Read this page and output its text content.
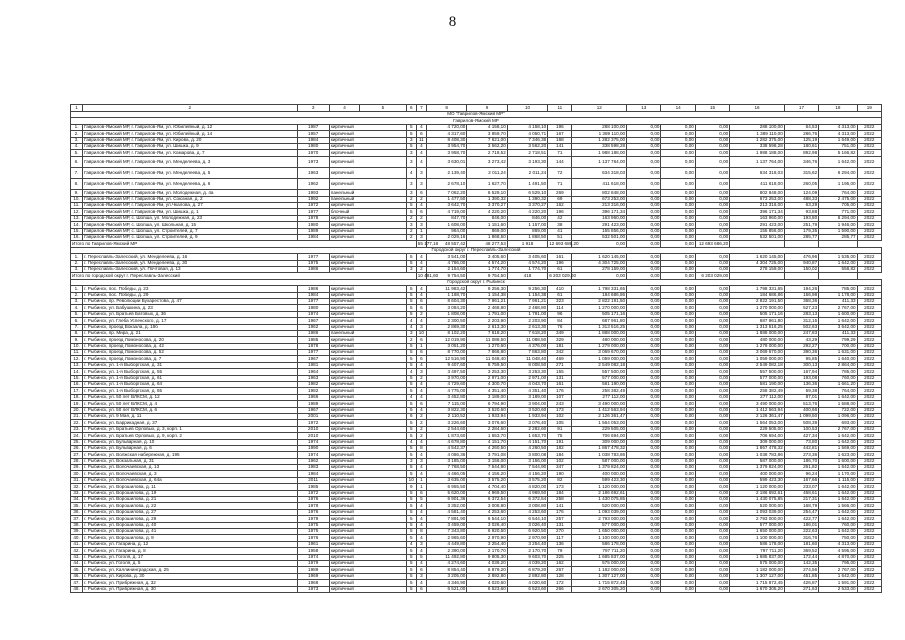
8
1	2	3	4	5	6	7	8	9	10	11	12	13	14	15	16	17	18	19
МО "Гаврилов-Ямский МР"																		
Гаврилов-Ямский МР																		
1.	Гаврилов-Ямский МР, г. Гаврилов-Ям, ул. Юбилейный, д. 12	1987	кирпичный		5	4	4 720,00	4 158,10	4 158,10	196	288 100,00	0,00	0,00	0,00	288 100,00	64,53	4 313,00	2022
2.	Гаврилов-Ямский МР, г. Гаврилов-Ям, ул. Юбилейный, д. 14	1957	кирпичный		5	6	4 317,60	3 859,70	4 050,71	167	1 389 110,00	0,00	0,00	0,00	1 389 110,00	286,76	4 313,00	2022
3.	Гаврилов-Ямский МР, г. Гаврилов-Ям, ул. Кирова, д. 20	1984	кирпичный		3	11	8 408,30	7 621,00	7 346,36	168	1 282 375,00	0,00	0,00	0,00	1 282 375,00	125,19	1 649,00	2022
4.	Гаврилов-Ямский МР, г. Гаврилов-Ям, ул. Шишка, д. 9	1980	кирпичный		5	4	3 954,70	3 562,20	3 562,20	141	338 598,28	0,00	0,00	0,00	338 598,28	180,61	751,00	2022
5.	Гаврилов-Ямский МР, г. Гаврилов-Ям, ул. Комарова, д. 7	1970	кирпичный		3	4	3 958,70	2 718,52	2 718,51	71	1 988 188,00	0,00	0,00	0,00	1 988 188,00	892,98	5 166,82	2022
6.	Гаврилов-Ямский МР, г. Гаврилов-Ям, ул. Менделеева, д. 3	1973	кирпичный		3	4	3 630,01	3 273,42	3 193,30	144	1 137 764,00	0,00	0,00	0,00	1 137 764,00	346,76	1 642,00	2022
7.	Гаврилов-Ямский МР, г. Гаврилов-Ям, ул. Менделеева, д. 5	1963	кирпичный		4	3	2 139,40	2 011,24	2 011,24	72	634 318,03	0,00	0,00	0,00	634 318,03	315,62	6 294,00	2022
8.	Гаврилов-Ямский МР, г. Гаврилов-Ям, ул. Менделеева, д. 6	1962	кирпичный		3	3	2 678,10	1 627,70	1 491,50	71	411 618,00	0,00	0,00	0,00	411 618,00	260,05	1 195,00	2022
9.	Гаврилов-Ямский МР, г. Гаврилов-Ям, ул. Молодежная, д. 4а	1993	панельный		3	6	7 062,20	6 529,10	6 529,10	269	802 848,00	0,00	0,00	0,00	802 848,00	124,09	764,00	2022
10.	Гаврилов-Ямский МР, г. Гаврилов-Ям, ул. Союзная, д. 2	1992	панельный		2	2	1 477,50	1 390,32	1 390,32	69	673 253,00	0,00	0,00	0,00	673 253,00	488,33	2 475,00	2022
11.	Гаврилов-Ямский МР, г. Гаврилов-Ям, ул.Чкалова, д. 27	1972	кирпичный		5	4	3 642,70	3 370,27	3 370,27	162	213 316,00	0,00	0,00	0,00	213 316,00	63,29	705,00	2022
12.	Гаврилов-Ямский МР, г. Гаврилов-Ям, ул. Шишка, д. 1	1977	блочный		5	6	4 719,00	4 220,20	4 220,20	196	396 171,34	0,00	0,00	0,00	396 171,34	93,88	771,00	2022
13.	Гаврилов-Ямский МР, с. Шопша, ул. Молодежная, д. 23	1978	кирпичный		2	2	847,70	846,00	846,00	42	163 960,00	0,00	0,00	0,00	163 960,00	193,80	6 294,00	2022
14.	Гаврилов-Ямский МР, с. Шопша, ул. Школьная, д. 15	1980	кирпичный		3	3	1 608,00	1 151,60	1 157,00	38	291 423,00	0,00	0,00	0,00	291 423,00	251,79	1 946,00	2022
15.	Гаврилов-Ямский МР, с. Шопша, ул. Строителей, д. 7	1989	кирпичный		2	1	984,00	869,00	869,00	41	155 856,00	0,00	0,00	0,00	155 856,00	179,35	1 590,00	2022
16.	Гаврилов-Ямский МР, с. Шопша, ул. Строителей, д. 9	1984	кирпичный		2	3	2 029,16	1 868,50	1 868,50	51	532 501,00	0,00	0,00	0,00	532 501,00	285,77	285,77	2022
Итого по Гаврилов-Ямский МР						55 177,18	48 557,42	48 277,53	1 918	12 693 686,20	0,00	0,00	0,00	12 693 686,20				
Городской округ г. Переславль-Залесский																		
1.	г. Переславль-Залесский, ул. Менделеева, д. 16	1977	кирпичный		5	4	3 541,00	3 405,60	3 405,60	161	1 620 145,00	0,00	0,00	0,00	1 620 145,00	476,96	1 535,00	2022
2.	г. Переславль-Залесский, ул. Менделеева, д. 30	1975	кирпичный		5	4	4 786,00	4 574,20	4 574,20	196	4 304 725,00	0,00	0,00	0,00	4 304 725,00	940,87	1 642,00	2022
3.	г. Переславль-Залесский, ул. Почтовая, д. 13	1986	кирпичный		3	2	2 154,60	1 774,70	1 774,70	61	278 159,00	0,00	0,00	0,00	278 159,00	150,02	558,82	2022
Итого по городской округ г. Переславль-Залесский						10 481,60	9 754,50	9 754,50	418	6 203 029,00	0,00	0,00	0,00	6 203 029,00				
Городской округ г. Рыбинск																		
1.	г. Рыбинск, пос. Победы, д. 23	1986	кирпичный		5	4	11 983,42	9 256,30	9 256,30	410	1 798 331,65	0,00	0,00	0,00	1 798 331,65	194,26	785,00	2022
2.	г. Рыбинск, пос. Победы, д. 29	1984	кирпичный		5	4	1 168,70	1 154,38	1 154,38	61	184 686,86	0,00	0,00	0,00	184 686,86	156,98	1 178,00	2022
3.	г. Рыбинск, пр. Революции Бухарестова, д. 47	1977	кирпичный		5	6	8 604,30	7 961,21	7 961,21	323	2 822 191,50	0,00	0,00	0,00	2 822 191,50	368,36	411,33	2022
4.	г. Рыбинск, ул. Бабушкина, д. 23	1980	кирпичный		5	6	3 084,20	2 468,80	2 468,80	114	1 270 000,00	0,00	0,00	0,00	1 270 000,00	527,23	2 767,00	2022
5.	г. Рыбинск, ул. Братьев Батовых, д. 36	1974	кирпичный		5	2	1 808,00	1 791,00	1 791,00	96	505 171,16	0,00	0,00	0,00	505 171,16	283,13	1 600,00	2022
6.	г. Рыбинск, ул. Глеба Успенского, д. 17	1967	кирпичный		4	4	2 300,50	2 203,90	2 203,90	84	687 961,80	0,00	0,00	0,00	687 961,80	312,15	1 642,00	2022
7.	г. Рыбинск, проезд Вокзала, д. 18б	1962	кирпичный		4	3	2 869,30	2 613,30	2 613,30	76	1 313 516,25	0,00	0,00	0,00	1 313 516,25	502,63	3 642,00	2022
8.	г. Рыбинск, пр. Мира, д. 21	1986	панельный		3	10	8 102,20	7 618,20	7 618,20	349	1 888 000,00	0,00	0,00	0,00	1 888 000,00	247,83	411,33	2022
9.	г. Рыбинск, проезд Ломоносова, д. 20	1985	кирпичный		2	6	12 019,90	11 088,50	11 088,50	329	480 000,00	0,00	0,00	0,00	480 000,00	43,29	799,29	2022
10.	г. Рыбинск, проезд Ломоносова, д. 42	1978	кирпичный		5	1	3 051,20	1 270,60	4 376,00	181	1 279 000,00	0,00	0,00	0,00	1 279 000,00	292,27	700,00	2022
11.	г. Рыбинск, проезд Ломоносова, д. 52	1977	кирпичный		5	6	8 770,00	7 866,80	7 863,80	342	3 069 670,00	0,00	0,00	0,00	3 069 670,00	390,36	1 631,00	2022
12.	г. Рыбинск, проезд Ломоносова, д. 7	1967	кирпичный		5	6	12 516,90	11 048,40	11 048,40	469	1 059 000,00	0,00	0,00	0,00	1 059 000,00	95,85	1 640,00	2022
13.	г. Рыбинск, ул. 1-я Выборгская, д. 31	1981	кирпичный		5	4	9 407,60	8 759,50	8 008,50	271	2 549 082,18	0,00	0,00	0,00	2 549 082,18	300,13	2 864,00	2022
14.	г. Рыбинск, ул. 1-я Выборгская, д. 55	1964	кирпичный		4	3	3 497,50	3 253,30	3 253,30	155	557 500,00	0,00	0,00	0,00	557 500,00	167,94	785,00	2022
15.	г. Рыбинск, ул. 1-я Выборгская, д. 61	1963	кирпичный		5	2	3 970,00	2 971,00	2 971,00	131	577 000,00	0,00	0,00	0,00	577 000,00	193,08	760,00	2022
16.	г. Рыбинск, ул. 1-я Выборгская, д. 64	1982	кирпичный		5	4	4 729,60	4 300,70	4 043,70	161	581 190,00	0,00	0,00	0,00	581 190,00	136,36	1 661,20	2022
17.	г. Рыбинск, ул. 1-я Выборгская, д. 65	1982	кирпичный		5	4	4 775,00	4 351,40	4 351,40	176	258 382,49	0,00	0,00	0,00	258 382,49	59,38	764,00	2022
18.	г. Рыбинск, ул. 50 лет ВЛКСМ, д. 12	1966	кирпичный		4	4	3 452,80	3 189,00	3 189,00	107	277 112,00	0,00	0,00	0,00	277 112,00	87,01	1 642,00	2022
19.	г. Рыбинск, ул. 50 лет ВЛКСМ, д. 4	1989	кирпичный		5	6	7 115,00	6 794,90	3 904,00	243	3 490 000,00	0,00	0,00	0,00	3 490 000,00	513,76	1 588,00	2022
20.	г. Рыбинск, ул. 50 лет ВЛКСМ, д. 6	1967	кирпичный		5	4	3 822,30	3 520,60	3 520,60	173	1 412 563,94	0,00	0,00	0,00	1 412 563,94	400,66	722,00	2022
21.	г. Рыбинск, ул. 9 Мая, д. 11	2001	кирпичный		6	2	2 110,52	1 933,94	1 933,94	102	2 126 361,47	0,00	0,00	0,00	2 126 361,47	1 099,50	1 096,00	2022
22.	г. Рыбинск, ул. Баррикадная, д. 37	1972	кирпичный		5	2	3 226,60	3 076,60	3 076,40	105	1 564 053,00	0,00	0,00	0,00	1 564 053,00	508,39	693,00	2022
23.	г. Рыбинск, ул. Братьев Орловых, д. 3, корп. 1	2010	кирпичный		5	2	2 544,60	2 284,60	2 282,60	91	229 505,00	0,00	0,00	0,00	229 505,00	100,53	2 767,00	2022
24.	г. Рыбинск, ул. Братьев Орловых, д. 9, корп. 2	2010	кирпичный		5	2	1 873,60	1 653,70	1 653,70	75	706 694,00	0,00	0,00	0,00	706 694,00	427,34	1 642,00	2022
25.	г. Рыбинск, ул. Бульварная, д. 10	1974	кирпичный		4	4	4 678,80	4 151,70	4 151,70	191	309 000,00	0,00	0,00	0,00	309 000,00	73,80	1 642,00	2022
26.	г. Рыбинск, ул. Бульварная, д. 6	1990	кирпичный		5	8	4 542,37	4 260,50	4 260,50	182	1 867 478,32	0,00	0,00	0,00	1 867 478,32	442,81	1 569,00	2022
27.	г. Рыбинск, ул. Волжская набережная, д. 195	1974	кирпичный		5	4	4 086,36	3 791,08	3 800,08	184	1 038 783,86	0,00	0,00	0,00	1 038 783,86	273,36	1 623,00	2022
28.	г. Рыбинск, ул. Вокзальная, д. 31	1962	кирпичный		3	3	3 185,00	3 156,00	3 156,00	102	587 000,00	0,00	0,00	0,00	587 000,00	186,70	1 600,00	2022
29.	г. Рыбинск, ул. Волочаевская, д. 13	1983	кирпичный		5	4	7 768,50	7 544,90	7 544,90	347	1 379 824,00	0,00	0,00	0,00	1 379 824,00	261,82	1 642,00	2022
30.	г. Рыбинск, ул. Волочаевская, д. 3	1984	кирпичный		5	4	4 466,05	4 156,20	4 156,20	190	400 000,00	0,00	0,00	0,00	400 000,00	96,24	1 170,00	2022
31.	г. Рыбинск, ул. Волочаевская, д. 64а	2011	кирпичный		10	1	3 635,00	3 575,20	3 575,20	82	599 423,30	0,00	0,00	0,00	599 423,30	167,66	1 115,00	2022
32.	г. Рыбинск, ул. Ворошилова, д. 11	1985	кирпичный		9	1	6 955,50	4 704,40	4 820,00	173	1 120 000,00	0,00	0,00	0,00	1 120 000,00	233,07	1 642,00	2022
33.	г. Рыбинск, ул. Ворошилова, д. 19	1972	кирпичный		5	6	5 620,00	4 969,50	4 969,50	184	2 186 692,61	0,00	0,00	0,00	2 186 692,61	468,61	1 642,00	2022
34.	г. Рыбинск, ул. Ворошилова, д. 21	1976	кирпичный		5	5	6 901,36	6 372,54	6 372,54	258	1 430 075,85	0,00	0,00	0,00	1 430 075,85	217,31	1 642,00	2022
35.	г. Рыбинск, ул. Ворошилова, д. 22	1978	кирпичный		5	4	3 352,00	3 008,80	3 008,80	141	520 000,00	0,00	0,00	0,00	520 000,00	168,79	1 566,00	2022
36.	г. Рыбинск, ул. Ворошилова, д. 27	1976	кирпичный		5	4	4 581,40	4 253,60	4 253,60	176	1 093 039,00	0,00	0,00	0,00	1 093 039,00	254,47	1 642,00	2022
37.	г. Рыбинск, ул. Ворошилова, д. 29	1979	кирпичный		5	4	7 891,90	6 544,10	6 544,10	257	2 793 000,00	0,00	0,00	0,00	2 793 000,00	422,77	1 642,00	2022
38.	г. Рыбинск, ул. Ворошилова, д. 40	1975	кирпичный		5	4	3 459,00	3 026,40	3 026,40	131	577 000,00	0,00	0,00	0,00	577 000,00	186,01	760,00	2022
39.	г. Рыбинск, ул. Ворошилова, д. 41	1975	кирпичный		5	8	7 343,80	6 920,50	6 920,50	270	1 650 000,00	0,00	0,00	0,00	1 650 000,00	222,63	1 642,00	2022
40.	г. Рыбинск, ул. Ворошилова, д. 9	1976	кирпичный		5	4	2 965,60	2 970,90	2 970,90	117	1 100 000,00	0,00	0,00	0,00	1 100 000,00	316,76	750,00	2022
41.	г. Рыбинск, ул. Гагарина, д. 12	1961	кирпичный		4	3	4 449,80	3 254,40	3 254,40	136	586 178,00	0,00	0,00	0,00	586 178,00	181,60	4 313,00	2022
42.	г. Рыбинск, ул. Гагарина, д. 8	1958	кирпичный		5	4	2 390,00	2 170,70	2 170,70	79	797 711,20	0,00	0,00	0,00	797 711,20	369,52	4 595,00	2022
43.	г. Рыбинск, ул. Гоголя, д. 17	1974	кирпичный		5	5	11 492,80	9 805,30	9 603,70	325	1 685 837,00	0,00	0,00	0,00	1 685 837,00	172,44	4 870,00	2022
44.	г. Рыбинск, ул. Гоголя, д. 5	1979	кирпичный		5	4	4 274,60	4 039,20	4 039,20	162	575 000,00	0,00	0,00	0,00	575 000,00	142,35	795,00	2022
45.	г. Рыбинск, ул. Каллининградская, д. 25	1989	кирпичный		5	6	8 854,40	6 879,20	6 879,20	267	1 182 000,00	0,00	0,00	0,00	1 182 000,00	274,56	2 767,00	2022
46.	г. Рыбинск, ул. Кирова, д. 30	1969	кирпичный		5	3	3 205,00	2 892,80	2 892,80	128	1 307 127,00	0,00	0,00	0,00	1 307 127,00	451,85	1 642,00	2022
47.	г. Рыбинск, ул. Прибрежная, д. 32	1968	кирпичный		5	4	4 346,90	4 020,60	4 020,60	172	1 715 872,45	0,00	0,00	0,00	1 715 872,45	426,87	1 591,00	2022
48.	г. Рыбинск, ул. Прибрежная, д. 30	1973	кирпичный		5	6	6 521,00	6 523,60	6 523,60	266	2 670 305,20	0,00	0,00	0,00	1 670 305,20	271,63	2 533,00	2022
